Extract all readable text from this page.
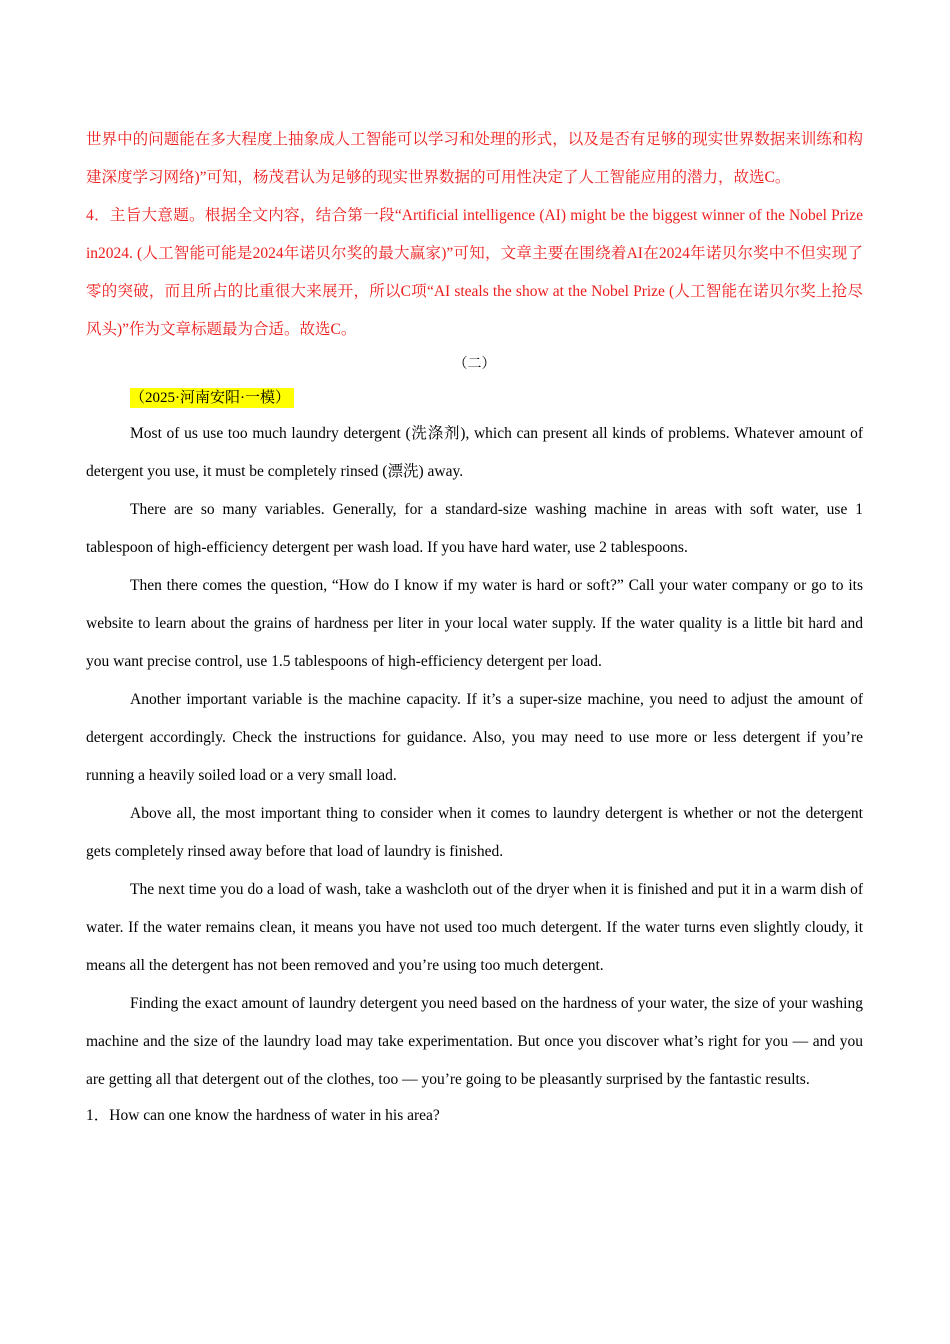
世界中的问题能在多大程度上抽象成人工智能可以学习和处理的形式，以及是否有足够的现实世界数据来训练和构建深度学习网络)”可知，杨茂君认为足够的现实世界数据的可用性决定了人工智能应用的潜力，故选C。

4．主旨大意题。根据全文内容，结合第一段“Artificial intelligence (AI) might be the biggest winner of the Nobel Prize in2024. (人工智能可能是2024年诺贝尔奖的最大赢家)”可知，文章主要在围绕着AI在2024年诺贝尔奖中不但实现了零的突破，而且所占的比重很大来展开，所以C项“AI steals the show at the Nobel Prize (人工智能在诺贝尔奖上抢尽风头)”作为文章标题最为合适。故选C。

（二）

（2025·河南安阳·一模）

Most of us use too much laundry detergent (洗涤剂), which can present all kinds of problems. Whatever amount of detergent you use, it must be completely rinsed (漂洗) away.

There are so many variables. Generally, for a standard-size washing machine in areas with soft water, use 1 tablespoon of high-efficiency detergent per wash load. If you have hard water, use 2 tablespoons.

Then there comes the question, “How do I know if my water is hard or soft?” Call your water company or go to its website to learn about the grains of hardness per liter in your local water supply. If the water quality is a little bit hard and you want precise control, use 1.5 tablespoons of high-efficiency detergent per load.

Another important variable is the machine capacity. If it’s a super-size machine, you need to adjust the amount of detergent accordingly. Check the instructions for guidance. Also, you may need to use more or less detergent if you’re running a heavily soiled load or a very small load.

Above all, the most important thing to consider when it comes to laundry detergent is whether or not the detergent gets completely rinsed away before that load of laundry is finished.

The next time you do a load of wash, take a washcloth out of the dryer when it is finished and put it in a warm dish of water. If the water remains clean, it means you have not used too much detergent. If the water turns even slightly cloudy, it means all the detergent has not been removed and you’re using too much detergent.

Finding the exact amount of laundry detergent you need based on the hardness of your water, the size of your washing machine and the size of the laundry load may take experimentation. But once you discover what’s right for you — and you are getting all that detergent out of the clothes, too — you’re going to be pleasantly surprised by the fantastic results.

1．How can one know the hardness of water in his area?
